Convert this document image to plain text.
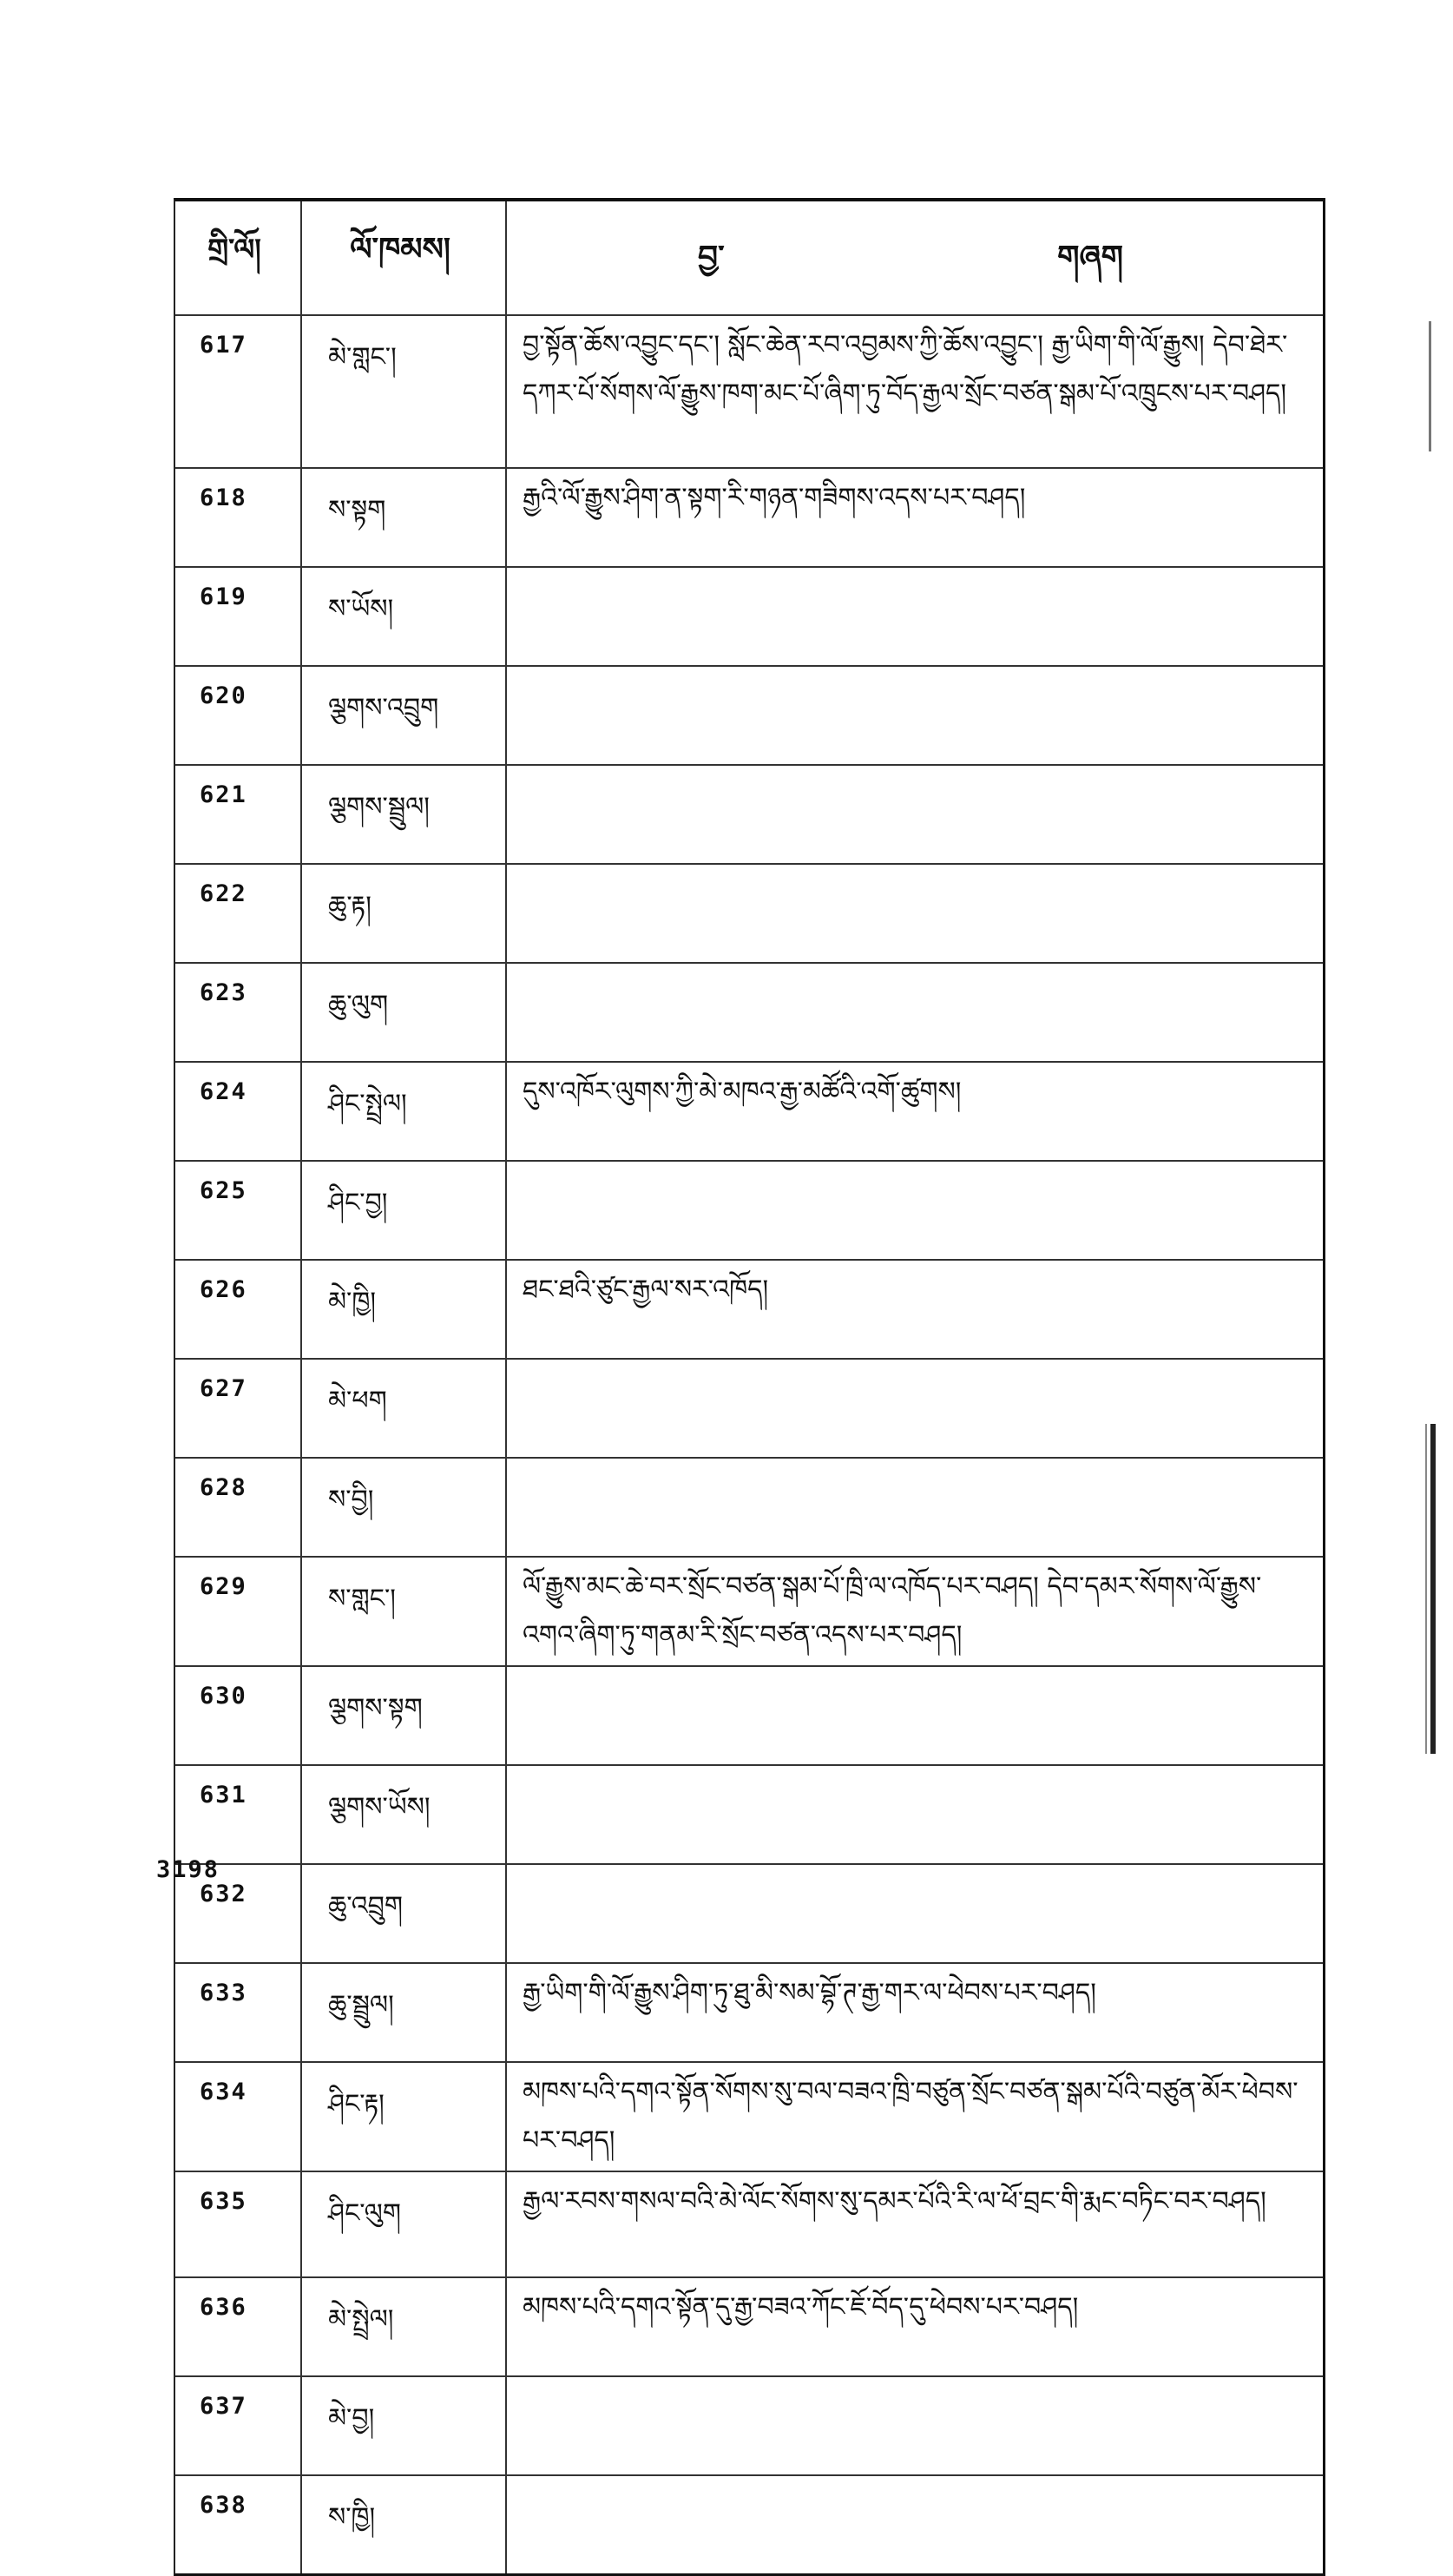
གྲི་ལོ།	ལོ་ཁམས།	བྱ་	གཞག
617	མེ་གླང་།	བྱ་སྟོན་ཆོས་འབྱུང་དང་། སློང་ཆེན་རབ་འབྱམས་ཀྱི་ཆོས་འབྱུང་། རྒྱ་ཡིག་གི་ལོ་རྒྱུས། དེབ་ཐེར་དཀར་པོ་སོགས་ལོ་རྒྱུས་ཁག་མང་པོ་ཞིག་ཏུ་བོད་རྒྱལ་སྲོང་བཙན་སྒམ་པོ་འཁྲུངས་པར་བཤད།
618	ས་སྟག	རྒྱའི་ལོ་རྒྱུས་ཤིག་ན་སྟག་རི་གཉན་གཟིགས་འདས་པར་བཤད།
619	ས་ཡོས།
620	ལྕགས་འབྲུག
621	ལྕགས་སྦྲུལ།
622	ཆུ་རྟ།
623	ཆུ་ལུག
624	ཤིང་སྤྲེལ།	དུས་འཁོར་ལུགས་ཀྱི་མེ་མཁའ་རྒྱ་མཚོའི་འགོ་ཚུགས།
625	ཤིང་བྱ།
626	མེ་ཁྱི།	ཐང་ཐའི་ཙུང་རྒྱལ་སར་འཁོད།
627	མེ་ཕག
628	ས་བྱི།
629	ས་གླང་།	ལོ་རྒྱུས་མང་ཆེ་བར་སྲོང་བཙན་སྒམ་པོ་ཁྲི་ལ་འཁོད་པར་བཤད། དེབ་དམར་སོགས་ལོ་རྒྱུས་འགའ་ཞིག་ཏུ་གནམ་རི་སྲོང་བཙན་འདས་པར་བཤད།
630	ལྕགས་སྟག
631	ལྕགས་ཡོས།
632	ཆུ་འབྲུག
633	ཆུ་སྦྲུལ།	རྒྱ་ཡིག་གི་ལོ་རྒྱུས་ཤིག་ཏུ་ཐུ་མི་སམ་བྷོ་ཊ་རྒྱ་གར་ལ་ཕེབས་པར་བཤད།
634	ཤིང་རྟ།	མཁས་པའི་དགའ་སྟོན་སོགས་སུ་བལ་བཟའ་ཁྲི་བཙུན་སྲོང་བཙན་སྒམ་པོའི་བཙུན་མོར་ཕེབས་པར་བཤད།
635	ཤིང་ལུག	རྒྱལ་རབས་གསལ་བའི་མེ་ལོང་སོགས་སུ་དམར་པོའི་རི་ལ་ཕོ་བྲང་གི་རྨང་བཏིང་བར་བཤད།
636	མེ་སྤྲེལ།	མཁས་པའི་དགའ་སྟོན་དུ་རྒྱ་བཟའ་ཀོང་ཇོ་བོད་དུ་ཕེབས་པར་བཤད།
637	མེ་བྱ།
638	ས་ཁྱི།
3198
